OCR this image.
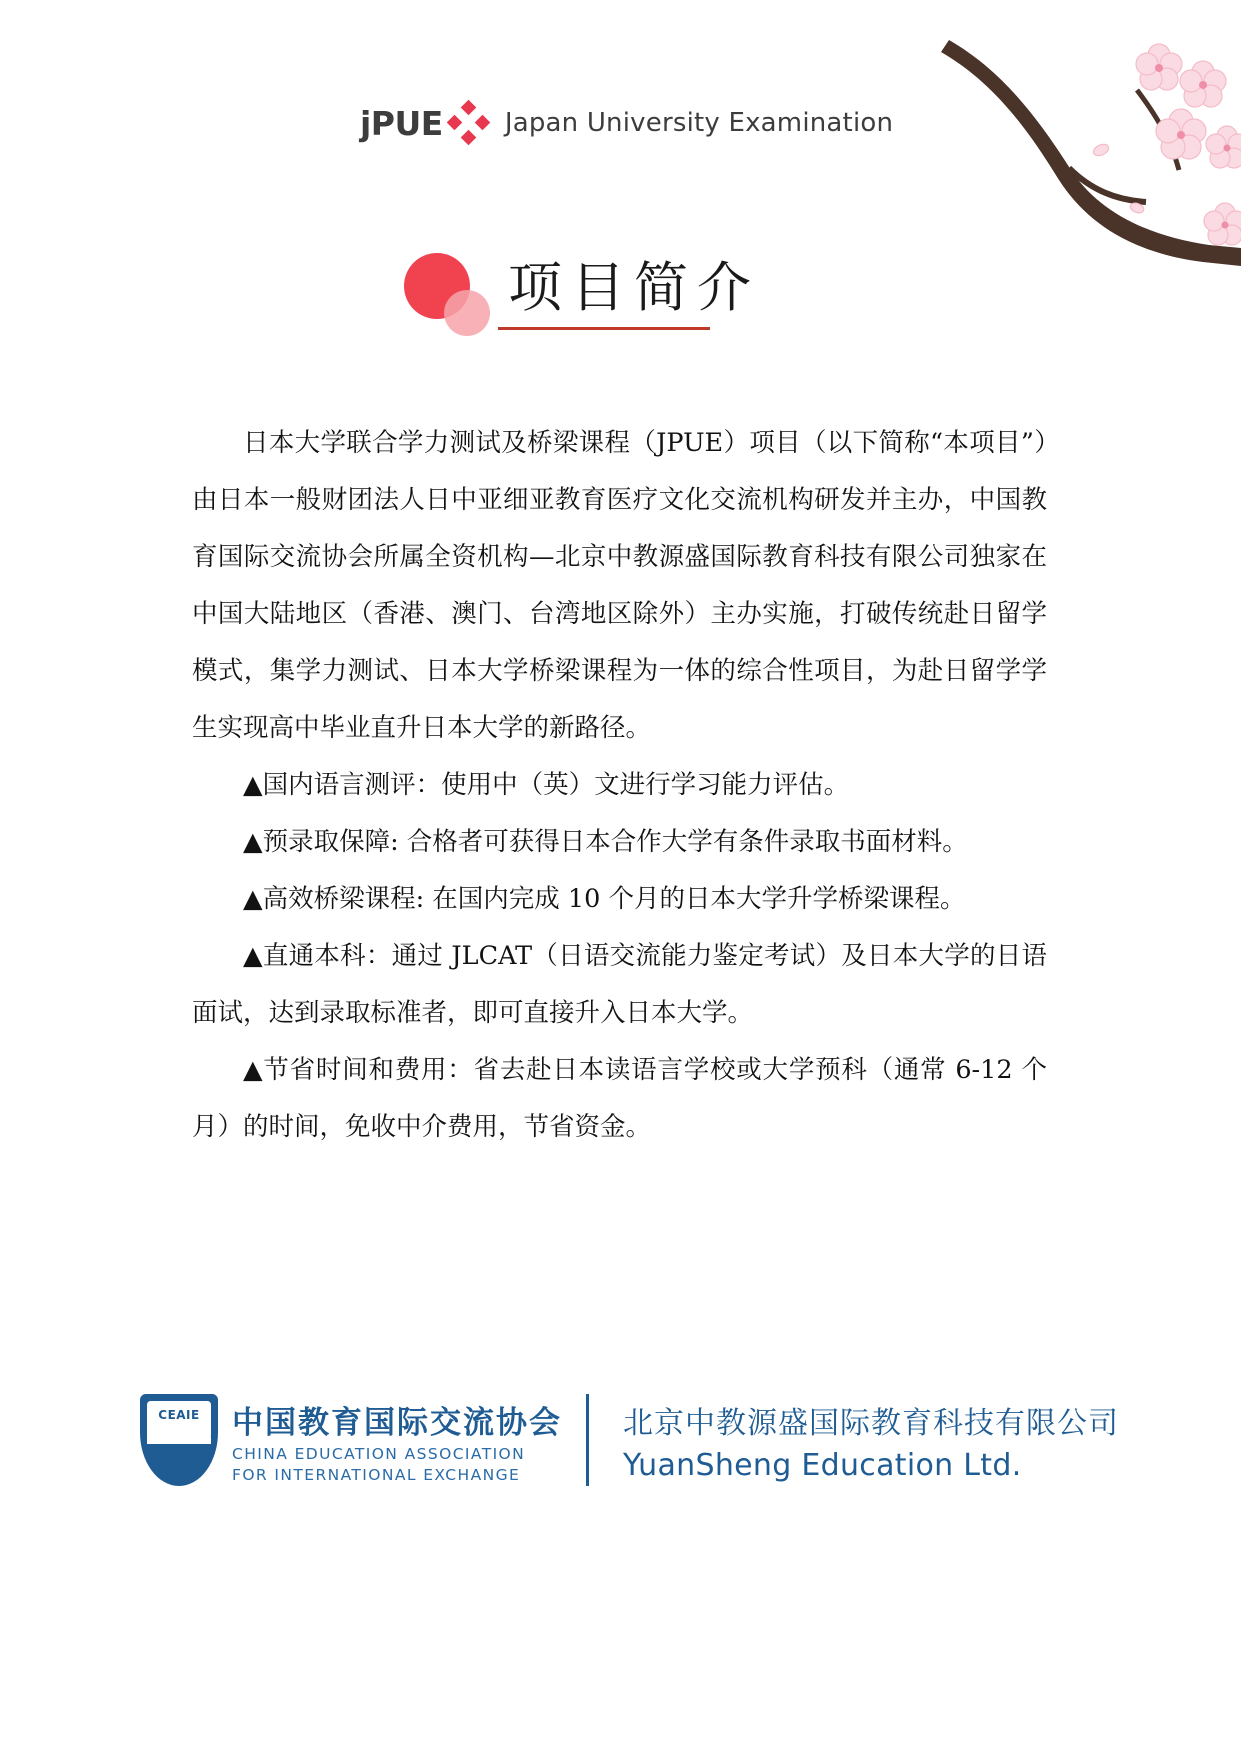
jPUE Japan University Examination
项目简介

日本大学联合学力测试及桥梁课程（JPUE）项目（以下简称“本项目”）由日本一般财团法人日中亚细亚教育医疗文化交流机构研发并主办，中国教育国际交流协会所属全资机构—北京中教源盛国际教育科技有限公司独家在中国大陆地区（香港、澳门、台湾地区除外）主办实施，打破传统赴日留学模式，集学力测试、日本大学桥梁课程为一体的综合性项目，为赴日留学学生实现高中毕业直升日本大学的新路径。

▲国内语言测评：使用中（英）文进行学习能力评估。

▲预录取保障: 合格者可获得日本合作大学有条件录取书面材料。

▲高效桥梁课程: 在国内完成 10 个月的日本大学升学桥梁课程。

▲直通本科：通过 JLCAT（日语交流能力鉴定考试）及日本大学的日语面试，达到录取标准者，即可直接升入日本大学。

▲节省时间和费用：省去赴日本读语言学校或大学预科（通常 6-12 个月）的时间，免收中介费用，节省资金。

CEAIE	中国教育国际交流协会
CHINA EDUCATION ASSOCIATION
FOR INTERNATIONAL EXCHANGE
北京中教源盛国际教育科技有限公司
YuanSheng Education Ltd.
